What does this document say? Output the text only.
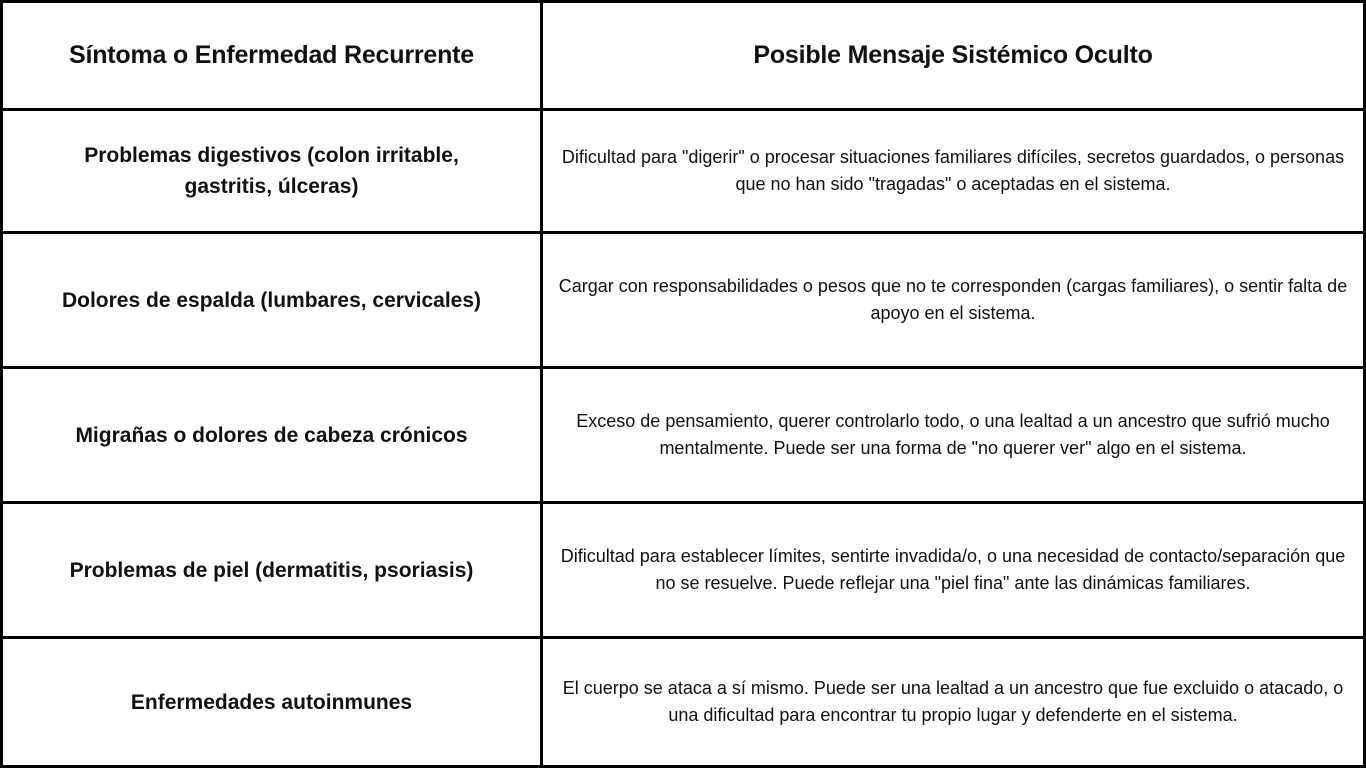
Síntoma o Enfermedad Recurrente	Posible Mensaje Sistémico Oculto
Problemas digestivos (colon irritable, gastritis, úlceras)
Dificultad para "digerir" o procesar situaciones familiares difíciles, secretos guardados, o personas que no han sido "tragadas" o aceptadas en el sistema.
Dolores de espalda (lumbares, cervicales)
Cargar con responsabilidades o pesos que no te corresponden (cargas familiares), o sentir falta de apoyo en el sistema.
Migrañas o dolores de cabeza crónicos
Exceso de pensamiento, querer controlarlo todo, o una lealtad a un ancestro que sufrió mucho mentalmente. Puede ser una forma de "no querer ver" algo en el sistema.
Problemas de piel (dermatitis, psoriasis)
Dificultad para establecer límites, sentirte invadida/o, o una necesidad de contacto/separación que no se resuelve. Puede reflejar una "piel fina" ante las dinámicas familiares.
Enfermedades autoinmunes
El cuerpo se ataca a sí mismo. Puede ser una lealtad a un ancestro que fue excluido o atacado, o una dificultad para encontrar tu propio lugar y defenderte en el sistema.
